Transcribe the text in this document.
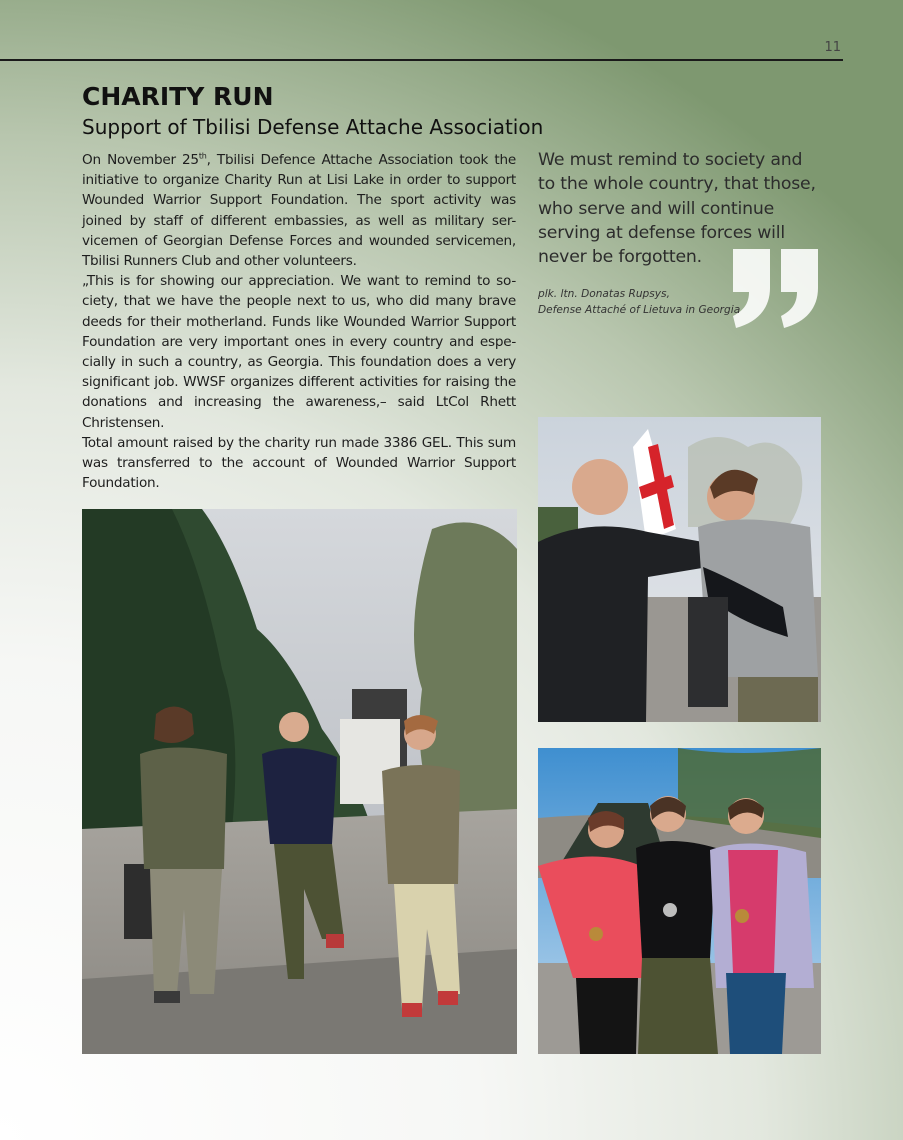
11
CHARITY RUN
Support of Tbilisi Defense Attache Association

On November 25th, Tbilisi Defence Attache Association took the initiative to organize Charity Run at Lisi Lake in order to support Wounded Warrior Support Foundation. The sport activity was joined by staff of different embassies, as well as military ser-vicemen of Georgian Defense Forces and wounded servicemen, Tbilisi Runners Club and other volunteers.

„This is for showing our appreciation. We want to remind to so-ciety, that we have the people next to us, who did many brave deeds for their motherland. Funds like Wounded Warrior Support Foundation are very important ones in every country and espe-cially in such a country, as Georgia. This foundation does a very significant job. WWSF organizes different activities for raising the donations and increasing the awareness,– said LtCol Rhett Christensen.

Total amount raised by the charity run made 3386 GEL. This sum was transferred to the account of Wounded Warrior Support Foundation.

We must remind to society and to the whole country, that those, who serve and will continue serving at defense forces will never be forgotten.
plk. ltn. Donatas Rupsys,
Defense Attaché of Lietuva in Georgia
